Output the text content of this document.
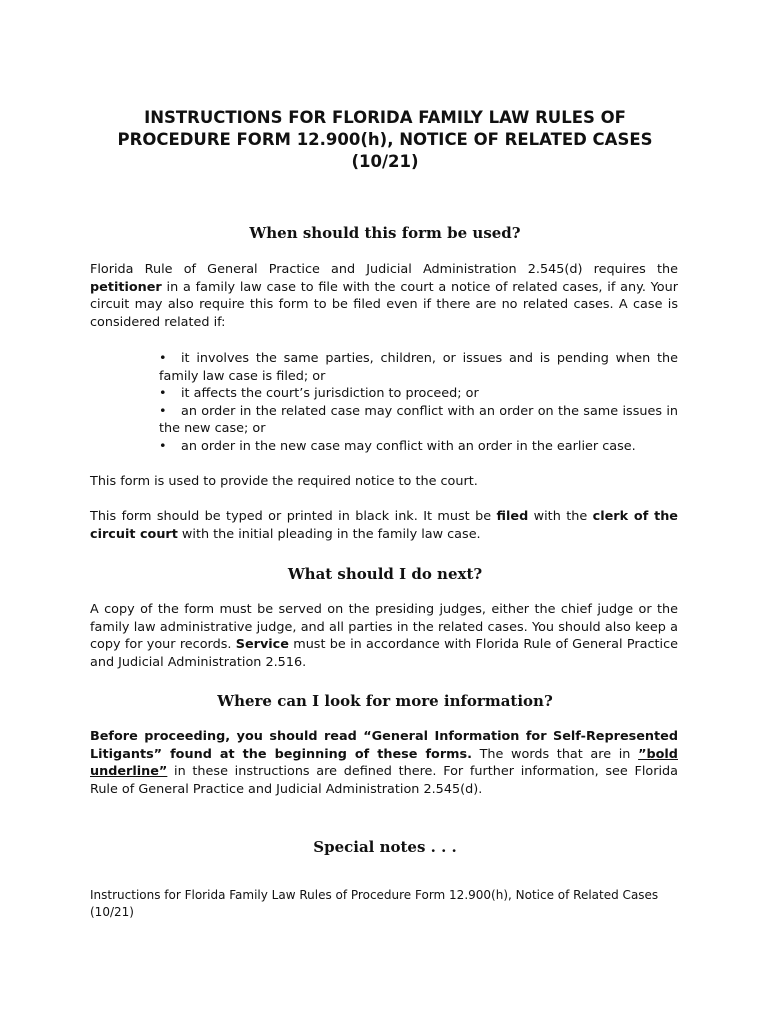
INSTRUCTIONS FOR FLORIDA FAMILY LAW RULES OF
PROCEDURE FORM 12.900(h), NOTICE OF RELATED CASES
(10/21)
When should this form be used?

Florida Rule of General Practice and Judicial Administration 2.545(d) requires the petitioner in a family law case to file with the court a notice of related cases, if any. Your circuit may also require this form to be filed even if there are no related cases. A case is considered related if:

• it involves the same parties, children, or issues and is pending when the family law case is filed; or
• it affects the court’s jurisdiction to proceed; or
• an order in the related case may conflict with an order on the same issues in the new case; or
• an order in the new case may conflict with an order in the earlier case.

This form is used to provide the required notice to the court.

This form should be typed or printed in black ink. It must be filed with the clerk of the circuit court with the initial pleading in the family law case.

What should I do next?

A copy of the form must be served on the presiding judges, either the chief judge or the family law administrative judge, and all parties in the related cases. You should also keep a copy for your records. Service must be in accordance with Florida Rule of General Practice and Judicial Administration 2.516.

Where can I look for more information?

Before proceeding, you should read “General Information for Self-Represented Litigants” found at the beginning of these forms. The words that are in ”bold underline” in these instructions are defined there. For further information, see Florida Rule of General Practice and Judicial Administration 2.545(d).

Special notes . . .

Instructions for Florida Family Law Rules of Procedure Form 12.900(h), Notice of Related Cases (10/21)
